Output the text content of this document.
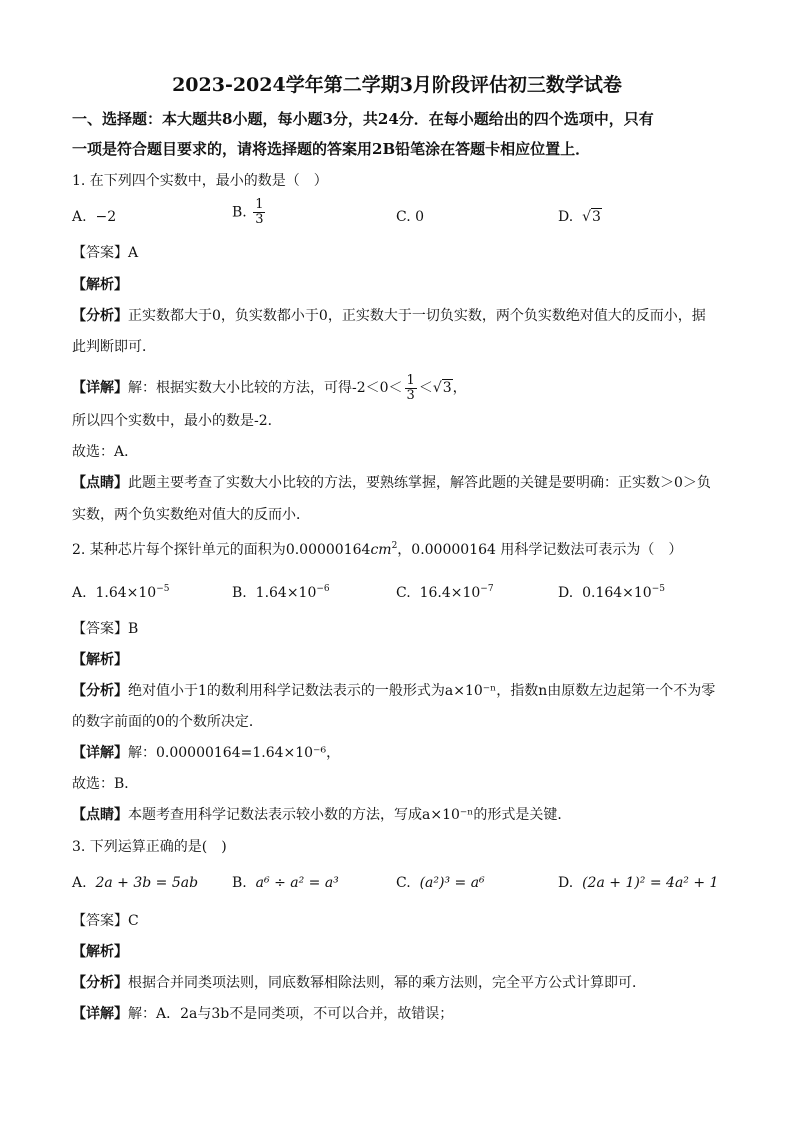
2023-2024学年第二学期3月阶段评估初三数学试卷
一、选择题：本大题共8小题，每小题3分，共24分．在每小题给出的四个选项中，只有
一项是符合题目要求的，请将选择题的答案用2B铅笔涂在答题卡相应位置上．
1. 在下列四个实数中，最小的数是（　）
A. −2	B. $\frac{1}{3}$	C. 0	D. √3
【答案】A
【解析】
【分析】正实数都大于0，负实数都小于0，正实数大于一切负实数，两个负实数绝对值大的反而小，据
此判断即可．
【详解】解：根据实数大小比较的方法，可得$-2<0< \frac{1}{3} <√3$，
所以四个实数中，最小的数是-2．
故选：A．
【点睛】此题主要考查了实数大小比较的方法，要熟练掌握，解答此题的关键是要明确：正实数＞0＞负
实数，两个负实数绝对值大的反而小．
2. 某种芯片每个探针单元的面积为$0.00000164cm^2$，0.00000164 用科学记数法可表示为（　）
A. $1.64\times 10^{-5}$	B. $1.64\times 10^{-6}$	C. $16.4\times 10^{-7}$	D. $0.164\times 10^{-5}$
【答案】B
【解析】
【分析】绝对值小于1的数利用科学记数法表示的一般形式为a×10⁻ⁿ，指数n由原数左边起第一个不为零
的数字前面的0的个数所决定．
【详解】解：0.00000164=1.64×10⁻⁶，
故选：B．
【点睛】本题考查用科学记数法表示较小数的方法，写成a×10⁻ⁿ的形式是关键．
3. 下列运算正确的是(　)
A. 2a + 3b = 5ab B. a⁶ ÷ a² = a³	C. (a²)³ = a⁶	D. (2a + 1)² = 4a² + 1
【答案】C
【解析】
【分析】根据合并同类项法则，同底数幂相除法则，幂的乘方法则，完全平方公式计算即可．
【详解】解：A．2a与3b不是同类项，不可以合并，故错误；
